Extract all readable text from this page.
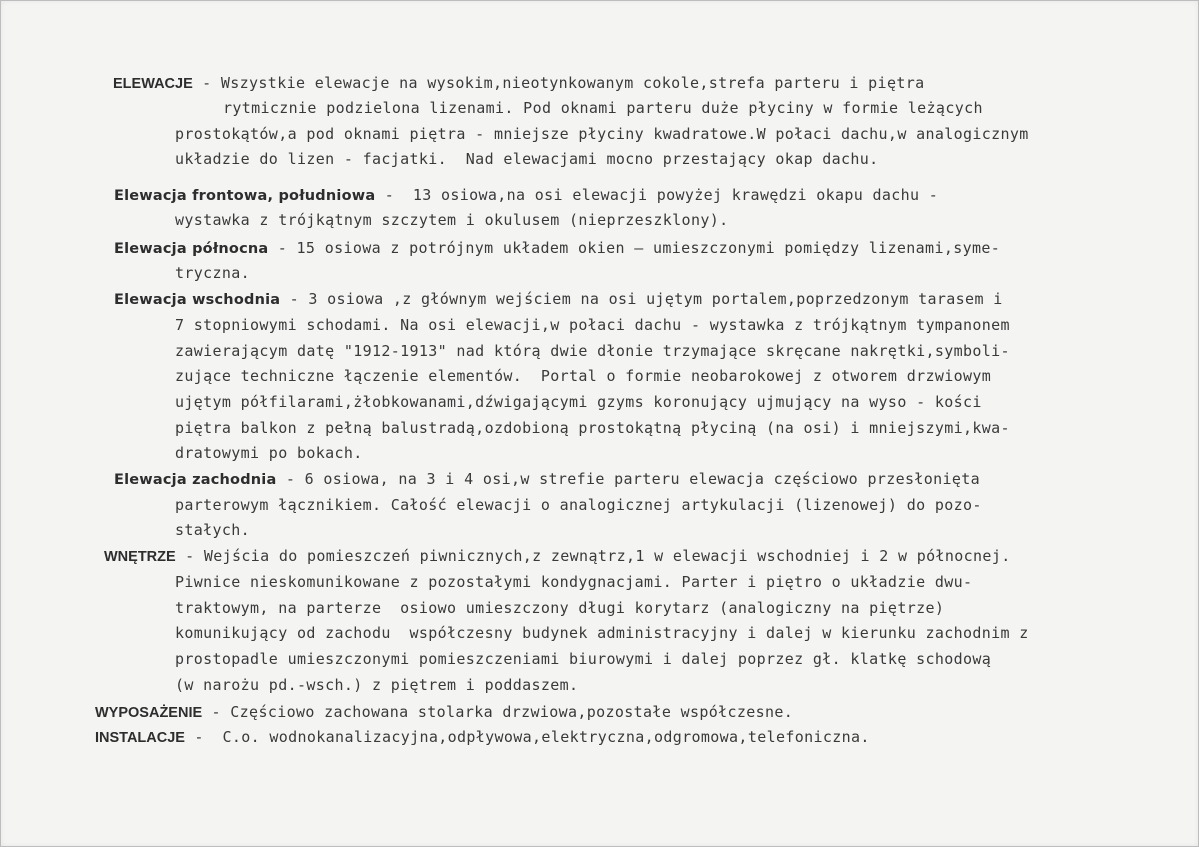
ELEWACJE - Wszystkie elewacje na wysokim,nieotynkowanym cokole,strefa parteru i piętra
rytmicznie podzielona lizenami. Pod oknami parteru duże płyciny w formie leżących
prostokątów,a pod oknami piętra - mniejsze płyciny kwadratowe.W połaci dachu,w analogicznym
układzie do lizen - facjatki.  Nad elewacjami mocno przestający okap dachu.
Elewacja frontowa, południowa -  13 osiowa,na osi elewacji powyżej krawędzi okapu dachu -
wystawka z trójkątnym szczytem i okulusem (nieprzeszklony).
Elewacja północna - 15 osiowa z potrójnym układem okien — umieszczonymi pomiędzy lizenami,syme-
tryczna.
Elewacja wschodnia - 3 osiowa ,z głównym wejściem na osi ujętym portalem,poprzedzonym tarasem i
7 stopniowymi schodami. Na osi elewacji,w połaci dachu - wystawka z trójkątnym tympanonem
zawierającym datę "1912-1913" nad którą dwie dłonie trzymające skręcane nakrętki,symboli-
zujące techniczne łączenie elementów.  Portal o formie neobarokowej z otworem drzwiowym
ujętym półfilarami,żłobkowanami,dźwigającymi gzyms koronujący ujmujący na wyso - kości
piętra balkon z pełną balustradą,ozdobioną prostokątną płyciną (na osi) i mniejszymi,kwa-
dratowymi po bokach.
Elewacja zachodnia - 6 osiowa, na 3 i 4 osi,w strefie parteru elewacja częściowo przesłonięta
parterowym łącznikiem. Całość elewacji o analogicznej artykulacji (lizenowej) do pozo-
stałych.
WNĘTRZE - Wejścia do pomieszczeń piwnicznych,z zewnątrz,1 w elewacji wschodniej i 2 w północnej.
Piwnice nieskomunikowane z pozostałymi kondygnacjami. Parter i piętro o układzie dwu-
traktowym, na parterze  osiowo umieszczony długi korytarz (analogiczny na piętrze)
komunikujący od zachodu  współczesny budynek administracyjny i dalej w kierunku zachodnim z
prostopadle umieszczonymi pomieszczeniami biurowymi i dalej poprzez gł. klatkę schodową
(w narożu pd.-wsch.) z piętrem i poddaszem.
WYPOSAŻENIE - Częściowo zachowana stolarka drzwiowa,pozostałe współczesne.
INSTALACJE -  C.o. wodnokanalizacyjna,odpływowa,elektryczna,odgromowa,telefoniczna.
